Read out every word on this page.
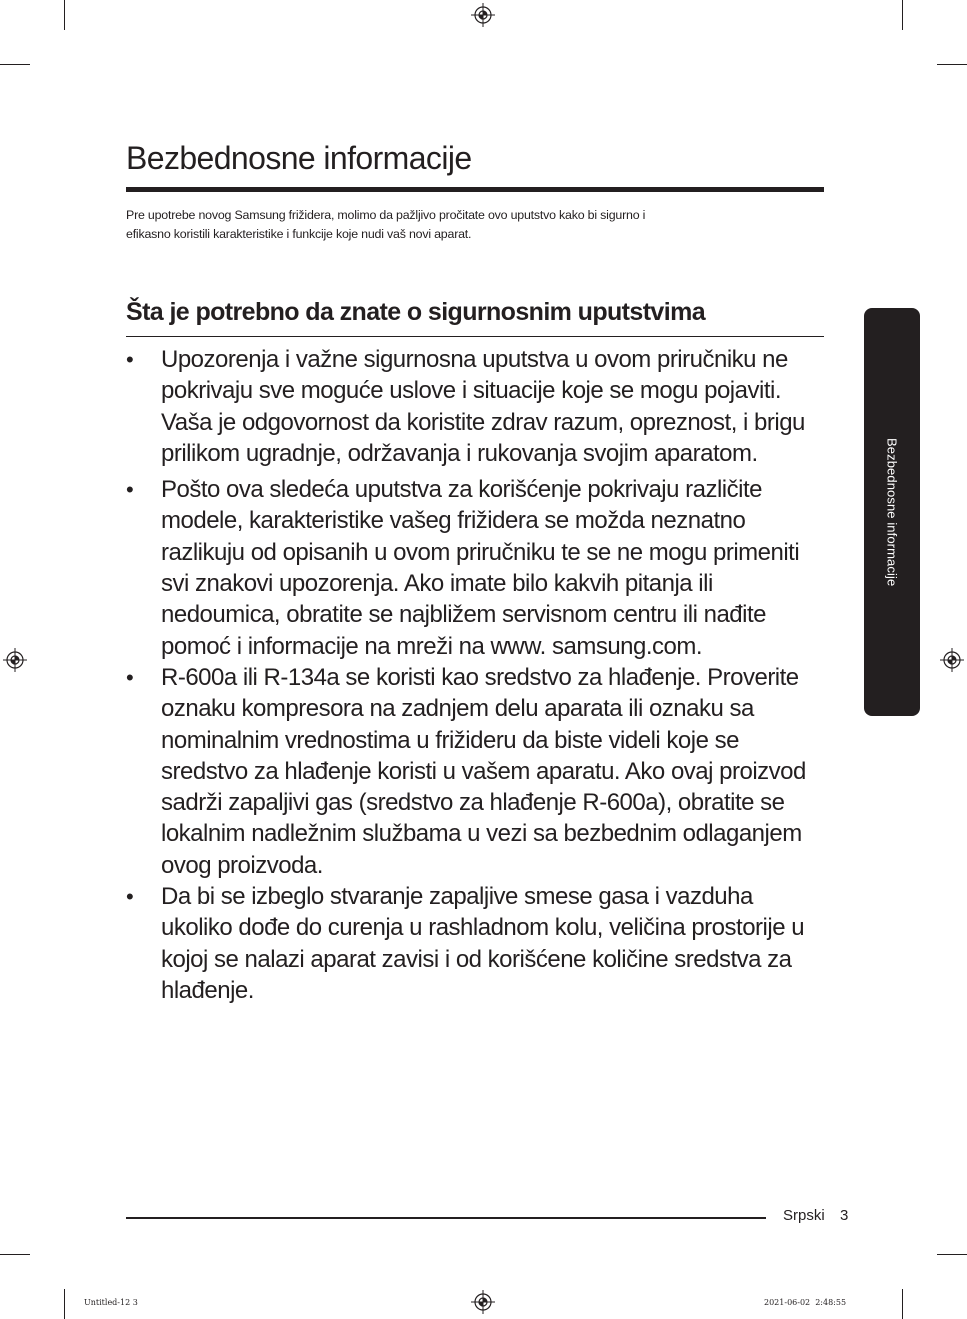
Bezbednosne informacije

Pre upotrebe novog Samsung frižidera, molimo da pažljivo pročitate ovo uputstvo kako bi sigurno i
efikasno koristili karakteristike i funkcije koje nudi vaš novi aparat.

Šta je potrebno da znate o sigurnosnim uputstvima
•	Upozorenja i važne sigurnosna uputstva u ovom priručniku ne pokrivaju sve moguće uslove i situacije koje se mogu pojaviti.

Vaša je odgovornost da koristite zdrav razum, opreznost, i brigu prilikom ugradnje, održavanja i rukovanja svojim aparatom.

•	Pošto ova sledeća uputstva za korišćenje pokrivaju različite modele, karakteristike vašeg frižidera se možda neznatno razlikuju od opisanih u ovom priručniku te se ne mogu primeniti svi znakovi upozorenja. Ako imate bilo kakvih pitanja ili nedoumica, obratite se najbližem servisnom centru ili nađite pomoć i informacije na mreži na www. samsung.com.

•	R-600a ili R-134a se koristi kao sredstvo za hlađenje. Proverite oznaku kompresora na zadnjem delu aparata ili oznaku sa nominalnim vrednostima u frižideru da biste videli koje se sredstvo za hlađenje koristi u vašem aparatu. Ako ovaj proizvod sadrži zapaljivi gas (sredstvo za hlađenje R-600a), obratite se lokalnim nadležnim službama u vezi sa bezbednim odlaganjem ovog proizvoda.

•	Da bi se izbeglo stvaranje zapaljive smese gasa i vazduha ukoliko dođe do curenja u rashladnom kolu, veličina prostorije u kojoj se nalazi aparat zavisi i od korišćene količine sredstva za hlađenje.

Bezbednosne informacije
Srpski 3
Untitled-12 3	2021-06-02 ￼￼ 2:48:55
